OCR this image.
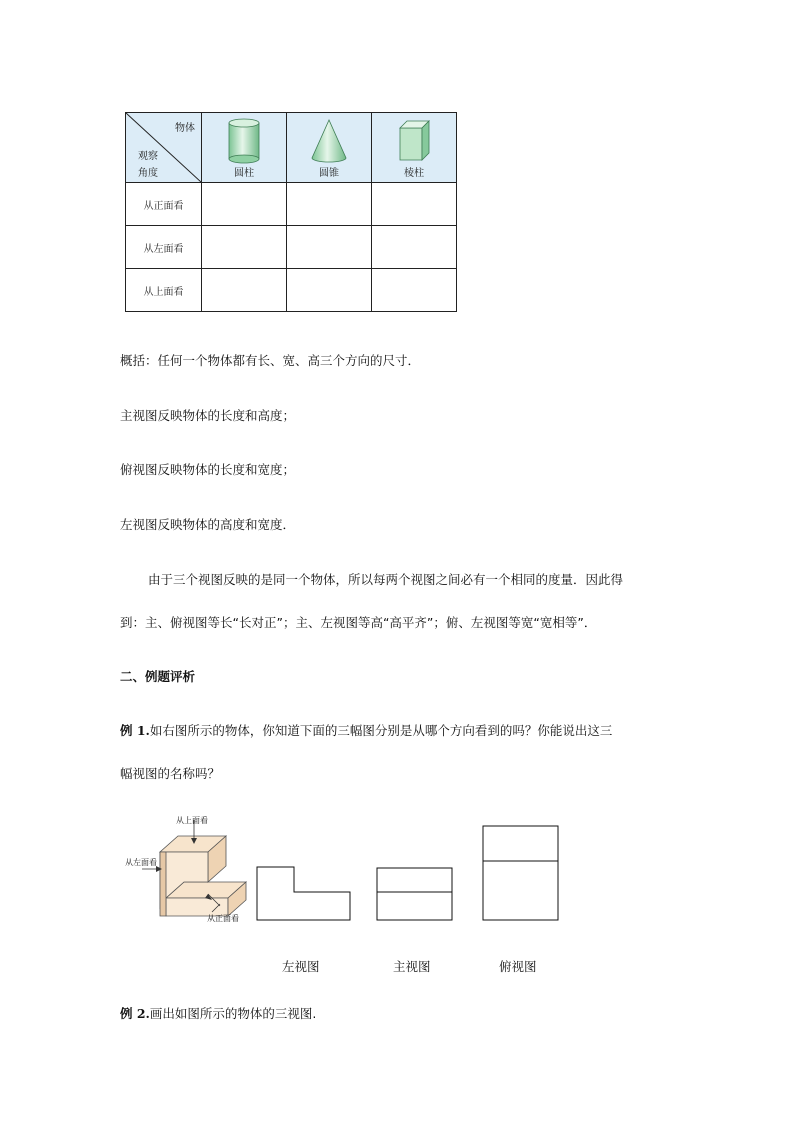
物体
观察
角度	圆柱	圆锥	棱柱

从正面看			
从左面看			
从上面看			
概括：任何一个物体都有长、宽、高三个方向的尺寸．
主视图反映物体的长度和高度；
俯视图反映物体的长度和宽度；
左视图反映物体的高度和宽度．
由于三个视图反映的是同一个物体，所以每两个视图之间必有一个相同的度量．因此得
到：主、俯视图等长“长对正”；主、左视图等高“高平齐”；俯、左视图等宽“宽相等”．
二、例题评析
例 1.如右图所示的物体，你知道下面的三幅图分别是从哪个方向看到的吗？你能说出这三
幅视图的名称吗？
从上面看
从左面看
从正面看
左视图	主视图	俯视图
例 2.画出如图所示的物体的三视图.
